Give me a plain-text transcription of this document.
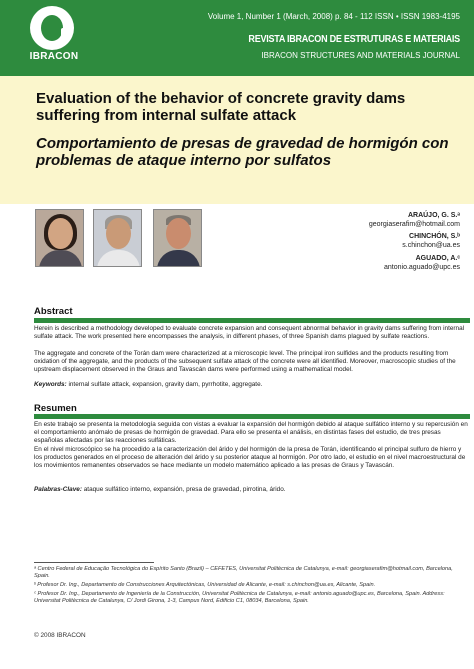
IBRACON
Volume 1, Number 1 (March, 2008) p. 84 - 112 ISSN • ISSN 1983-4195
REVISTA IBRACON DE ESTRUTURAS E MATERIAIS
IBRACON STRUCTURES AND MATERIALS JOURNAL
Evaluation of the behavior of concrete gravity dams suffering from internal sulfate attack
Comportamiento de presas de gravedad de hormigón con problemas de ataque interno por sulfatos
ARAÚJO, G. S.ᵃ
georgiaserafim@hotmail.com
CHINCHÓN, S.ᵇ
s.chinchon@ua.es
AGUADO, A.ᶜ
antonio.aguado@upc.es
Abstract
Herein is described a methodology developed to evaluate concrete expansion and consequent abnormal behavior in gravity dams suffering from internal sulfate attack. The work presented here encompasses the analysis, in different phases, of three Spanish dams plagued by sulfate reactions.
The aggregate and concrete of the Torán dam were characterized at a microscopic level. The principal iron sulfides and the products resulting from oxidation of the aggregate, and the products of the subsequent sulfate attack of the concrete were all identified. Moreover, macroscopic studies of the upstream displacement observed in the Graus and Tavascán dams were performed using a mathematical model.
Keywords: internal sulfate attack, expansion, gravity dam, pyrrhotite, aggregate.
Resumen
En este trabajo se presenta la metodología seguida con vistas a evaluar la expansión del hormigón debido al ataque sulfático interno y su repercusión en el comportamiento anómalo de presas de hormigón de gravedad. Para ello se presenta el análisis, en distintas fases del estudio, de tres presas españolas afectadas por las reacciones sulfáticas.
En el nivel microscópico se ha procedido a la caracterización del árido y del hormigón de la presa de Torán, identificando el principal sulfuro de hierro y los productos generados en el proceso de alteración del árido y su posterior ataque al hormigón. Por otro lado, el estudio en el nivel macroestructural de los movimientos remanentes observados se hace mediante un modelo matemático aplicado a las presas de Graus y Tavascán.
Palabras-Clave: ataque sulfático interno, expansión, presa de gravedad, pirrotina, árido.
ᵃ Centro Federal de Educação Tecnológica do Espírito Santo (Brazil) – CEFETES, Universitat Politècnica de Catalunya, e-mail: georgiaserafim@hotmail.com, Barcelona, Spain.
ᵇ Profesor Dr. Ing., Departamento de Construcciones Arquitectónicas, Universidad de Alicante, e-mail: s.chinchon@ua.es, Alicante, Spain.
ᶜ Profesor Dr. Ing., Departamento de Ingeniería de la Construcción, Universitat Politècnica de Catalunya, e-mail: antonio.aguado@upc.es, Barcelona, Spain. Address: Universitat Politècnica de Catalunya, C/ Jordi Girona, 1-3, Campus Nord, Edificio C1, 08034, Barcelona, Spain.
© 2008 IBRACON
